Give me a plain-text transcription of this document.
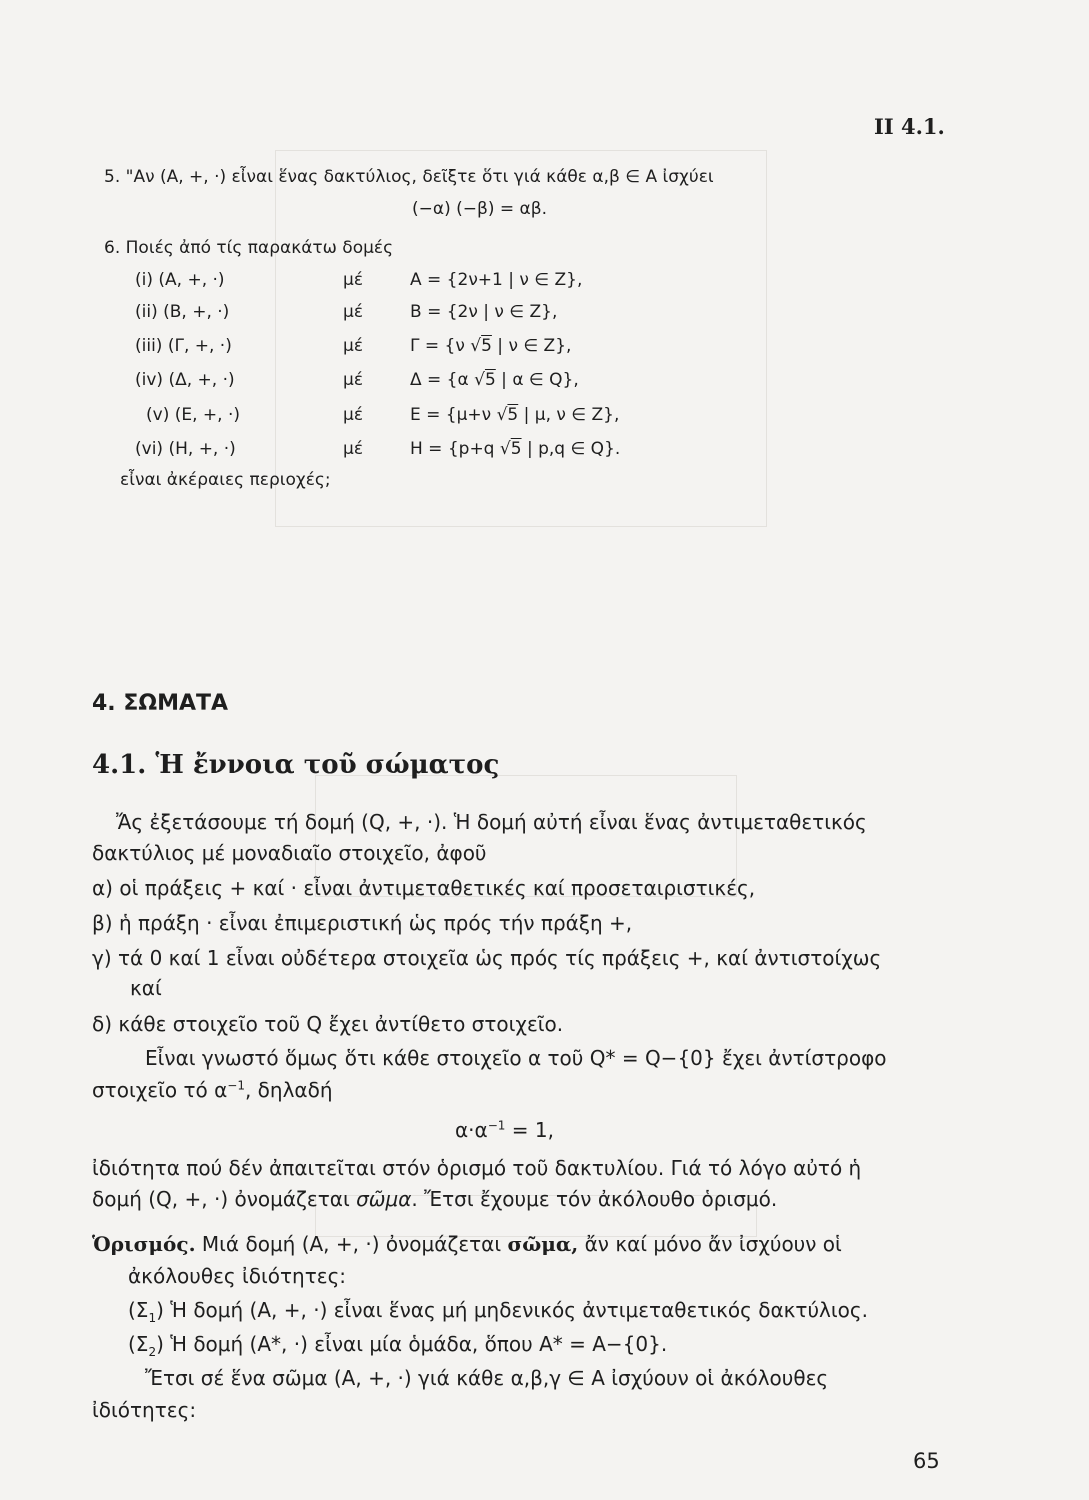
II 4.1.
5. "Αν (Α, +, ·) εἶναι ἕνας δακτύλιος, δεῖξτε ὅτι γιά κάθε α,β ∈ Α ἰσχύει
(−α) (−β) = αβ.
6. Ποιές ἀπό τίς παρακάτω δομές
(i) (Α, +, ·)	μέ	Α = {2ν+1 | ν ∈ Ζ},
(ii) (Β, +, ·)	μέ	Β = {2ν | ν ∈ Ζ},
(iii) (Γ, +, ·)	μέ	Γ = {ν √5 | ν ∈ Ζ},
(iv) (Δ, +, ·)	μέ	Δ = {α √5 | α ∈ Q},
(v) (Ε, +, ·)	μέ	Ε = {μ+ν √5 | μ, ν ∈ Ζ},
(vi) (Η, +, ·)	μέ	Η = {p+q √5 | p,q ∈ Q}.
εἶναι ἀκέραιες περιοχές;
4. ΣΩΜΑΤΑ
4.1. Ἡ ἔννοια τοῦ σώματος
Ἄς ἐξετάσουμε τή δομή (Q, +, ·). Ἡ δομή αὐτή εἶναι ἕνας ἀντιμεταθετικός
δακτύλιος μέ μοναδιαῖο στοιχεῖο, ἀφοῦ
α) οἱ πράξεις + καί · εἶναι ἀντιμεταθετικές καί προσεταιριστικές,
β) ἡ πράξη · εἶναι ἐπιμεριστική ὡς πρός τήν πράξη +,
γ) τά 0 καί 1 εἶναι οὐδέτερα στοιχεῖα ὡς πρός τίς πράξεις +, καί ἀντιστοίχως
καί
δ) κάθε στοιχεῖο τοῦ Q ἔχει ἀντίθετο στοιχεῖο.
Εἶναι γνωστό ὅμως ὅτι κάθε στοιχεῖο α τοῦ Q* = Q−{0} ἔχει ἀντίστροφο
στοιχεῖο τό $\alpha^{-1}$, δηλαδή
$\alpha\cdot\alpha^{-1} = 1$,
ἰδιότητα πού δέν ἀπαιτεῖται στόν ὁρισμό τοῦ δακτυλίου. Γιά τό λόγο αὐτό ἡ
δομή (Q, +, ·) ὀνομάζεται σῶμα. Ἔτσι ἔχουμε τόν ἀκόλουθο ὁρισμό.
Ὁρισμός. Μιά δομή (Α, +, ·) ὀνομάζεται σῶμα, ἄν καί μόνο ἄν ἰσχύουν οἱ
ἀκόλουθες ἰδιότητες:
$(\Sigma_1)$ Ἡ δομή (Α, +, ·) εἶναι ἕνας μή μηδενικός ἀντιμεταθετικός δακτύλιος.
$(\Sigma_2)$ Ἡ δομή (Α*, ·) εἶναι μία ὁμάδα, ὅπου Α* = Α−{0}.
Ἔτσι σέ ἕνα σῶμα (Α, +, ·) γιά κάθε α,β,γ ∈ Α ἰσχύουν οἱ ἀκόλουθες
ἰδιότητες:
65
